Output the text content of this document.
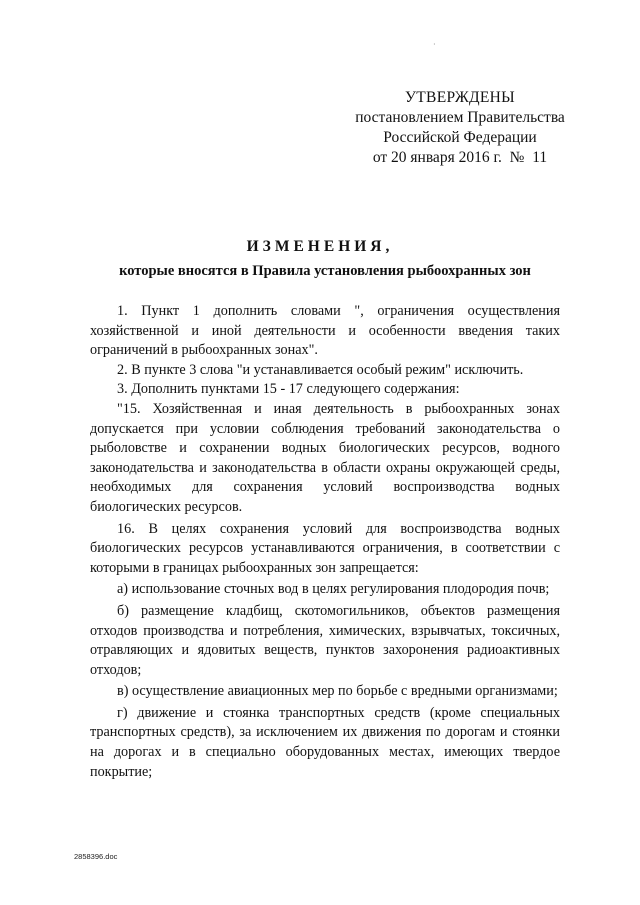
·
УТВЕРЖДЕНЫ
постановлением Правительства
Российской Федерации
от 20 января 2016 г.  №  11
ИЗМЕНЕНИЯ,
которые вносятся в Правила установления рыбоохранных зон

1. Пункт 1 дополнить словами ", ограничения осуществления хозяйственной и иной деятельности и особенности введения таких ограничений в рыбоохранных зонах".

2. В пункте 3 слова "и устанавливается особый режим" исключить.

3. Дополнить пунктами 15 - 17 следующего содержания:

"15. Хозяйственная и иная деятельность в рыбоохранных зонах допускается при условии соблюдения требований законодательства о рыболовстве и сохранении водных биологических ресурсов, водного законодательства и законодательства в области охраны окружающей среды, необходимых для сохранения условий воспроизводства водных биологических ресурсов.

16. В целях сохранения условий для воспроизводства водных биологических ресурсов устанавливаются ограничения, в соответствии с которыми в границах рыбоохранных зон запрещается:

а) использование сточных вод в целях регулирования плодородия почв;

б) размещение кладбищ, скотомогильников, объектов размещения отходов производства и потребления, химических, взрывчатых, токсичных, отравляющих и ядовитых веществ, пунктов захоронения радиоактивных отходов;

в) осуществление авиационных мер по борьбе с вредными организмами;

г) движение и стоянка транспортных средств (кроме специальных транспортных средств), за исключением их движения по дорогам и стоянки на дорогах и в специально оборудованных местах, имеющих твердое покрытие;

2858396.doc
